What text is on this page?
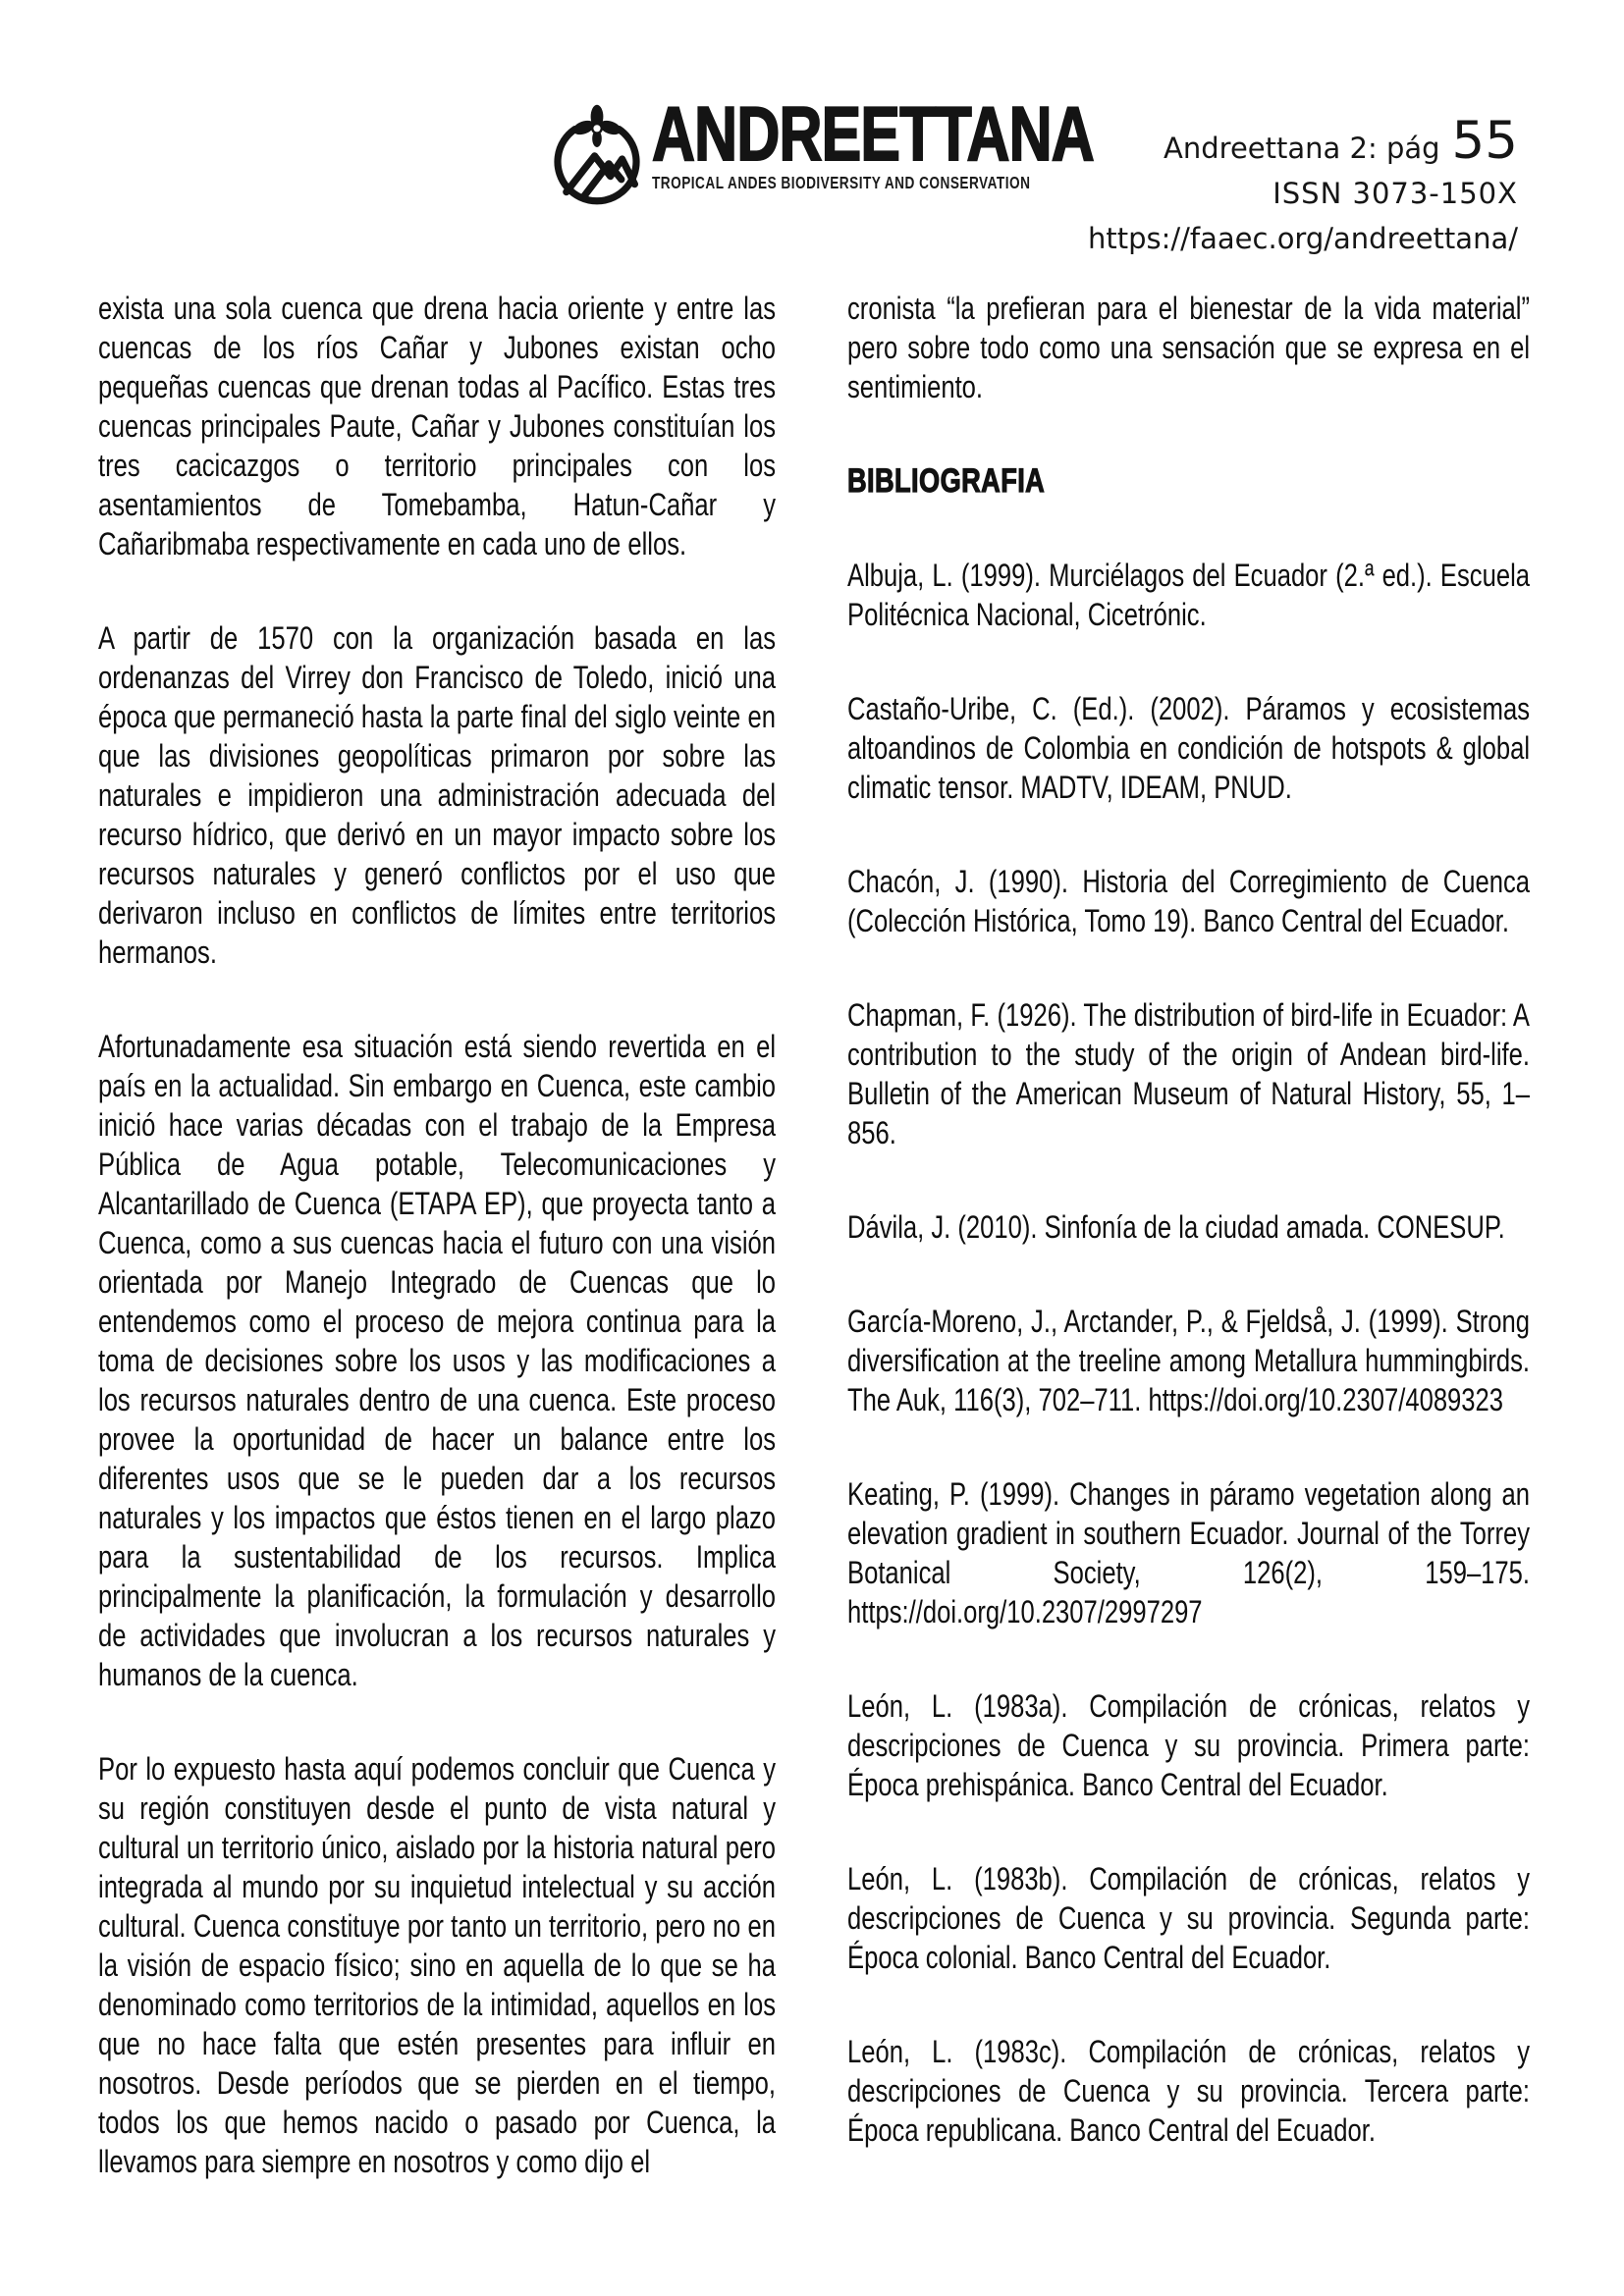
ANDREETTANA
TROPICAL ANDES BIODIVERSITY AND CONSERVATION
Andreettana 2: pág 55
ISSN 3073-150X
https://faaec.org/andreettana/

exista una sola cuenca que drena hacia oriente y entre las cuencas de los ríos Cañar y Jubones existan ocho pequeñas cuencas que drenan todas al Pacífico. Estas tres cuencas principales Paute, Cañar y Jubones constituían los tres cacicazgos o territorio principales con los asentamientos de Tomebamba, Hatun-Cañar y Cañaribmaba respectivamente en cada uno de ellos.

A partir de 1570 con la organización basada en las ordenanzas del Virrey don Francisco de Toledo, inició una época que permaneció hasta la parte final del siglo veinte en que las divisiones geopolíticas primaron por sobre las naturales e impidieron una administración adecuada del recurso hídrico, que derivó en un mayor impacto sobre los recursos naturales y generó conflictos por el uso que derivaron incluso en conflictos de límites entre territorios hermanos.

Afortunadamente esa situación está siendo revertida en el país en la actualidad. Sin embargo en Cuenca, este cambio inició hace varias décadas con el trabajo de la Empresa Pública de Agua potable, Telecomunicaciones y Alcantarillado de Cuenca (ETAPA EP), que proyecta tanto a Cuenca, como a sus cuencas hacia el futuro con una visión orientada por Manejo Integrado de Cuencas que lo entendemos como el proceso de mejora continua para la toma de decisiones sobre los usos y las modificaciones a los recursos naturales dentro de una cuenca. Este proceso provee la oportunidad de hacer un balance entre los diferentes usos que se le pueden dar a los recursos naturales y los impactos que éstos tienen en el largo plazo para la sustentabilidad de los recursos. Implica principalmente la planificación, la formulación y desarrollo de actividades que involucran a los recursos naturales y humanos de la cuenca.

Por lo expuesto hasta aquí podemos concluir que Cuenca y su región constituyen desde el punto de vista natural y cultural un territorio único, aislado por la historia natural pero integrada al mundo por su inquietud intelectual y su acción cultural. Cuenca constituye por tanto un territorio, pero no en la visión de espacio físico; sino en aquella de lo que se ha denominado como territorios de la intimidad, aquellos en los que no hace falta que estén presentes para influir en nosotros. Desde períodos que se pierden en el tiempo, todos los que hemos nacido o pasado por Cuenca, la llevamos para siempre en nosotros y como dijo el

cronista “la prefieran para el bienestar de la vida material” pero sobre todo como una sensación que se expresa en el sentimiento.

BIBLIOGRAFIA

Albuja, L. (1999). Murciélagos del Ecuador (2.ª ed.). Escuela Politécnica Nacional, Cicetrónic.

Castaño-Uribe, C. (Ed.). (2002). Páramos y ecosistemas altoandinos de Colombia en condición de hotspots & global climatic tensor. MADTV, IDEAM, PNUD.

Chacón, J. (1990). Historia del Corregimiento de Cuenca (Colección Histórica, Tomo 19). Banco Central del Ecuador.

Chapman, F. (1926). The distribution of bird-life in Ecuador: A contribution to the study of the origin of Andean bird-life. Bulletin of the American Museum of Natural History, 55, 1–856.

Dávila, J. (2010). Sinfonía de la ciudad amada. CONESUP.

García-Moreno, J., Arctander, P., & Fjeldså, J. (1999). Strong diversification at the treeline among Metallura hummingbirds. The Auk, 116(3), 702–711. https://doi.org/10.2307/4089323

Keating, P. (1999). Changes in páramo vegetation along an elevation gradient in southern Ecuador. Journal of the Torrey Botanical Society, 126(2), 159–175. https://doi.org/10.2307/2997297

León, L. (1983a). Compilación de crónicas, relatos y descripciones de Cuenca y su provincia. Primera parte: Época prehispánica. Banco Central del Ecuador.

León, L. (1983b). Compilación de crónicas, relatos y descripciones de Cuenca y su provincia. Segunda parte: Época colonial. Banco Central del Ecuador.

León, L. (1983c). Compilación de crónicas, relatos y descripciones de Cuenca y su provincia. Tercera parte: Época republicana. Banco Central del Ecuador.
